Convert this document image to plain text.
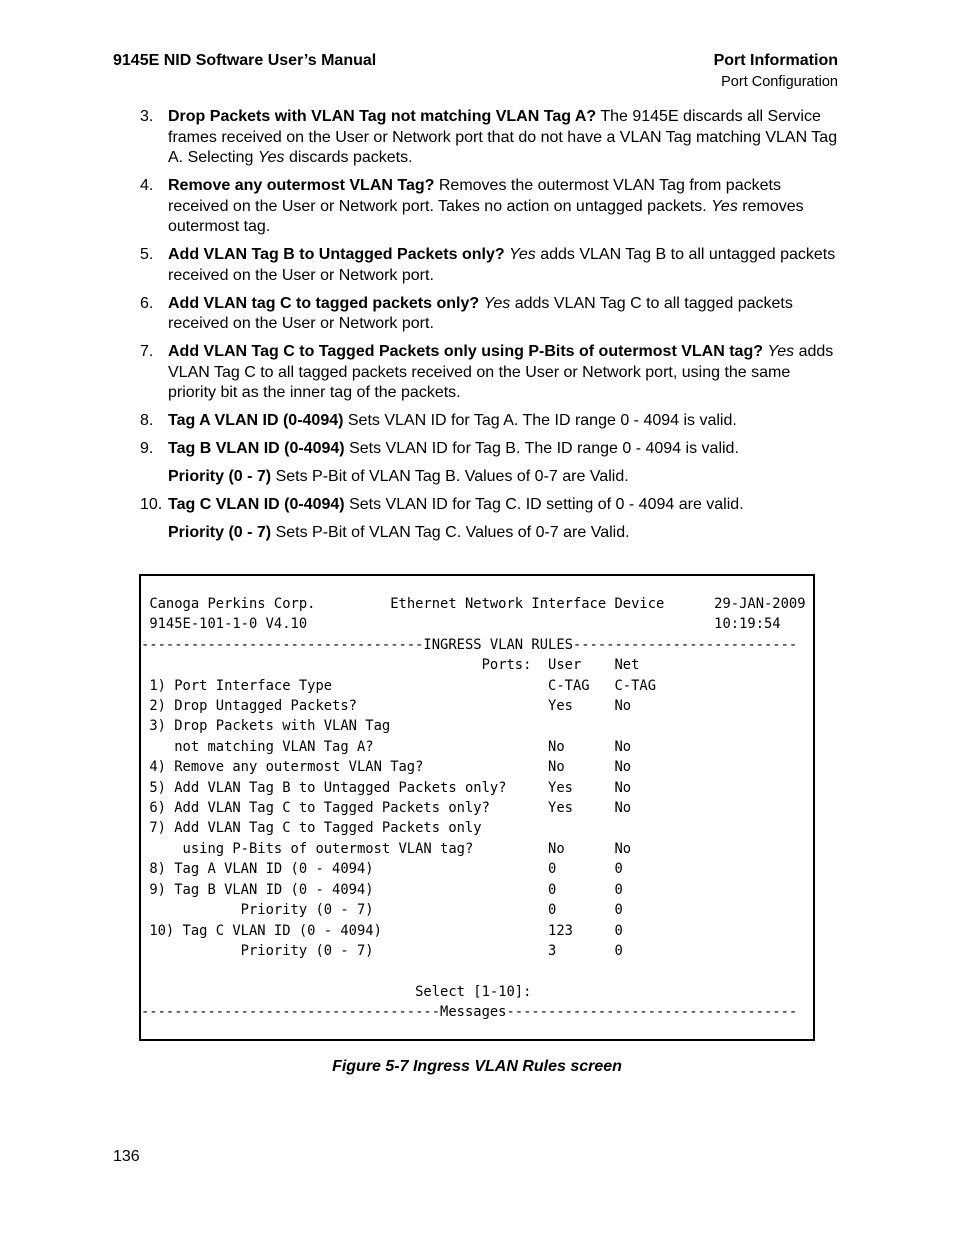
9145E NID Software User’s Manual	Port Information
Port Configuration
3. Drop Packets with VLAN Tag not matching VLAN Tag A? The 9145E discards all Service frames received on the User or Network port that do not have a VLAN Tag matching VLAN Tag A. Selecting Yes discards packets.
4. Remove any outermost VLAN Tag? Removes the outermost VLAN Tag from packets received on the User or Network port. Takes no action on untagged packets. Yes removes outermost tag.
5. Add VLAN Tag B to Untagged Packets only? Yes adds VLAN Tag B to all untagged packets received on the User or Network port.
6. Add VLAN tag C to tagged packets only? Yes adds VLAN Tag C to all tagged packets received on the User or Network port.
7. Add VLAN Tag C to Tagged Packets only using P-Bits of outermost VLAN tag? Yes adds VLAN Tag C to all tagged packets received on the User or Network port, using the same priority bit as the inner tag of the packets.
8. Tag A VLAN ID (0-4094) Sets VLAN ID for Tag A. The ID range 0 - 4094 is valid.
9. Tag B VLAN ID (0-4094) Sets VLAN ID for Tag B. The ID range 0 - 4094 is valid.
Priority (0 - 7) Sets P-Bit of VLAN Tag B. Values of 0-7 are Valid.
10. Tag C VLAN ID (0-4094) Sets VLAN ID for Tag C. ID setting of 0 - 4094 are valid.
Priority (0 - 7) Sets P-Bit of VLAN Tag C. Values of 0-7 are Valid.
Canoga Perkins Corp.         Ethernet Network Interface Device      29-JAN-2009
9145E-101-1-0 V4.10                                                 10:19:54
----------------------------------INGRESS VLAN RULES---------------------------
Ports: User    Net
1) Port Interface Type                          C-TAG   C-TAG
2) Drop Untagged Packets?                       Yes     No
3) Drop Packets with VLAN Tag
not matching VLAN Tag A?                     No      No
4) Remove any outermost VLAN Tag?               No      No
5) Add VLAN Tag B to Untagged Packets only?     Yes     No
6) Add VLAN Tag C to Tagged Packets only?       Yes     No
7) Add VLAN Tag C to Tagged Packets only
using P-Bits of outermost VLAN tag?         No      No
8) Tag A VLAN ID (0 - 4094)                     0       0
9) Tag B VLAN ID (0 - 4094)                     0       0
Priority (0 - 7)                     0       0
10) Tag C VLAN ID (0 - 4094)                    123     0
Priority (0 - 7)                     3       0

Select [1-10]:
------------------------------------Messages-----------------------------------
Figure 5-7 Ingress VLAN Rules screen
136
